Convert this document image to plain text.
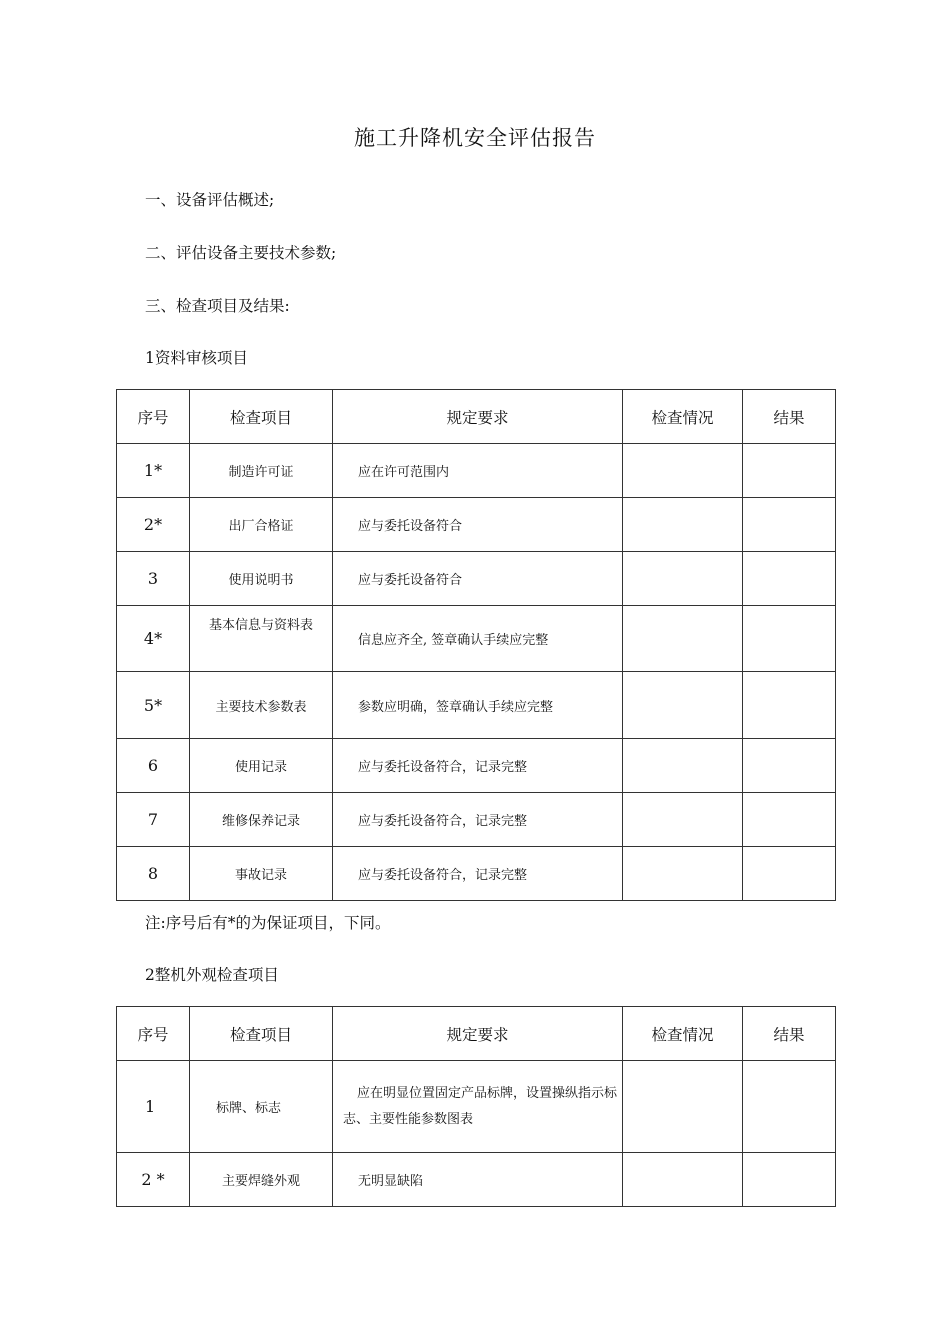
施工升降机安全评估报告
一、设备评估概述;
二、评估设备主要技术参数;
三、检查项目及结果:
1资料审核项目
序号	检查项目	规定要求	检查情况	结果
1*	制造许可证	应在许可范围内		
2*	出厂合格证	应与委托设备符合		
3	使用说明书	应与委托设备符合		
4*	基本信息与资料表	信息应齐全, 签章确认手续应完整		
5*	主要技术参数表	参数应明确，签章确认手续应完整		
6	使用记录	应与委托设备符合，记录完整		
7	维修保养记录	应与委托设备符合，记录完整		
8	事故记录	应与委托设备符合，记录完整		
注:序号后有*的为保证项目，下同。
2整机外观检查项目
序号	检查项目	规定要求	检查情况	结果
1	标牌、标志	应在明显位置固定产品标牌，设置操纵指示标志、主要性能参数图表		
2 *	主要焊缝外观	无明显缺陷		
